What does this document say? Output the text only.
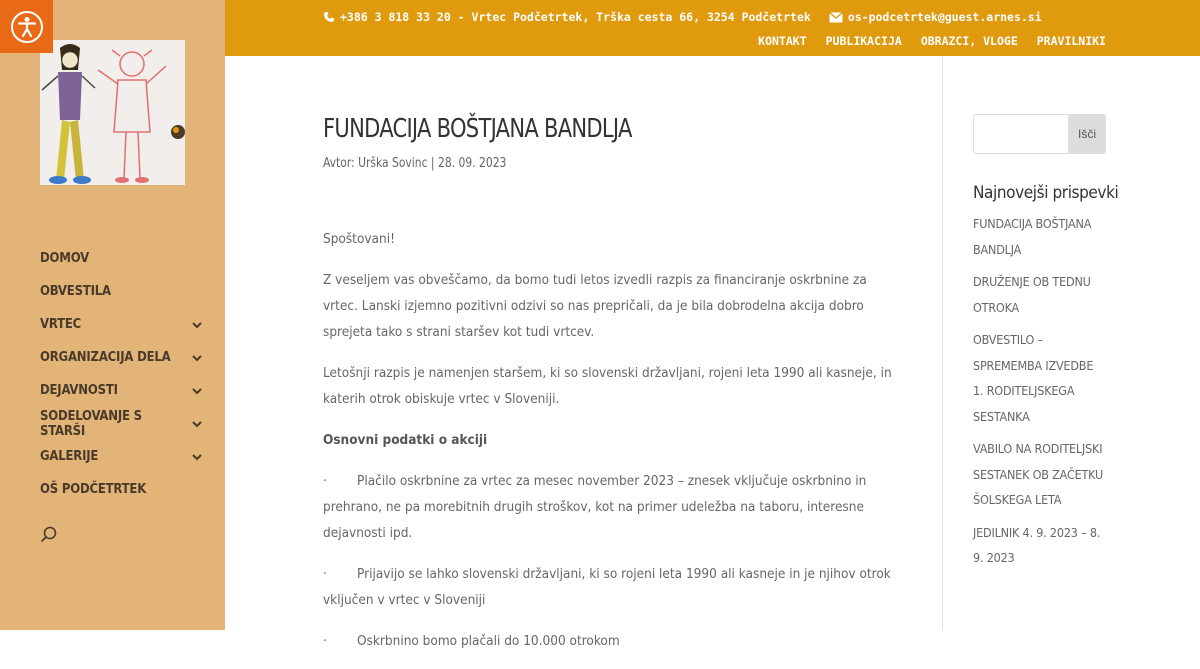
DOMOV
OBVESTILA
VRTEC
ORGANIZACIJA DELA
DEJAVNOSTI
SODELOVANJE S STARŠI
GALERIJE
OŠ PODČETRTEK
+386 3 818 33 20 - Vrtec Podčetrtek, Trška cesta 66, 3254 Podčetrtek	os-podcetrtek@guest.arnes.si
KONTAKT PUBLIKACIJA OBRAZCI, VLOGE PRAVILNIKI
FUNDACIJA BOŠTJANA BANDLJA
Avtor: Urška Sovinc | 28. 09. 2023

Spoštovani!

Z veseljem vas obveščamo, da bomo tudi letos izvedli razpis za financiranje oskrbnine za vrtec. Lanski izjemno pozitivni odzivi so nas prepričali, da je bila dobrodelna akcija dobro sprejeta tako s strani staršev kot tudi vrtcev.

Letošnji razpis je namenjen staršem, ki so slovenski državljani, rojeni leta 1990 ali kasneje, in katerih otrok obiskuje vrtec v Sloveniji.

Osnovni podatki o akciji

· Plačilo oskrbnine za vrtec za mesec november 2023 – znesek vključuje oskrbnino in prehrano, ne pa morebitnih drugih stroškov, kot na primer udeležba na taboru, interesne dejavnosti ipd.

· Prijavijo se lahko slovenski državljani, ki so rojeni leta 1990 ali kasneje in je njihov otrok vključen v vrtec v Sloveniji

· Oskrbnino bomo plačali do 10.000 otrokom

Išči
Najnovejši prispevki
FUNDACIJA BOŠTJANA BANDLJA
DRUŽENJE OB TEDNU OTROKA
OBVESTILO – SPREMEMBA IZVEDBE 1. RODITELJSKEGA SESTANKA
VABILO NA RODITELJSKI SESTANEK OB ZAČETKU ŠOLSKEGA LETA
JEDILNIK 4. 9. 2023 – 8. 9. 2023
